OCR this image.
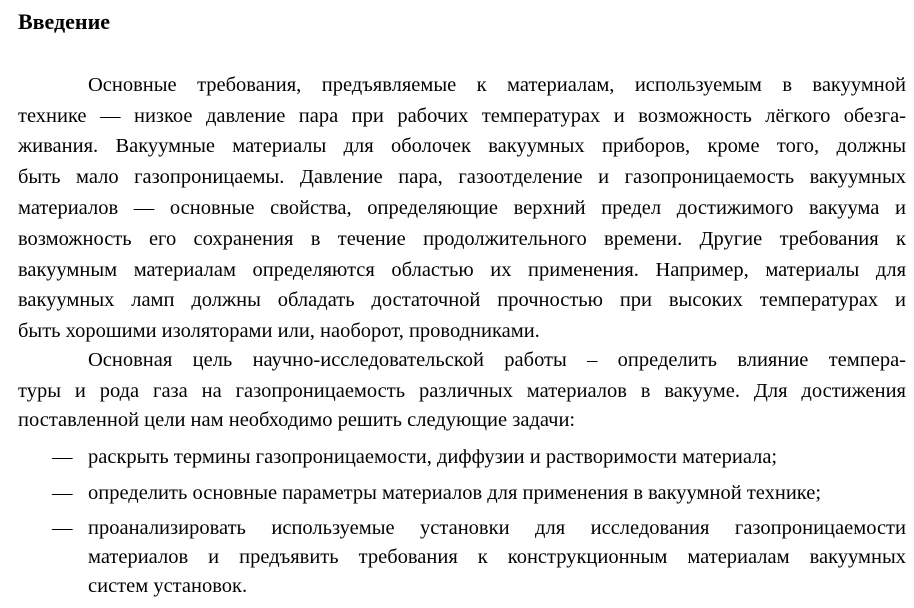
Введение
Основные требования, предъявляемые к материалам, используемым в вакуумной
технике — низкое давление пара при рабочих температурах и возможность лёгкого обезга-
живания. Вакуумные материалы для оболочек вакуумных приборов, кроме того, должны
быть мало газопроницаемы. Давление пара, газоотделение и газопроницаемость вакуумных
материалов — основные свойства, определяющие верхний предел достижимого вакуума и
возможность его сохранения в течение продолжительного времени. Другие требования к
вакуумным материалам определяются областью их применения. Например, материалы для
вакуумных ламп должны обладать достаточной прочностью при высоких температурах и
быть хорошими изоляторами или, наоборот, проводниками.
Основная цель научно-исследовательской работы – определить влияние темпера-
туры и рода газа на газопроницаемость различных материалов в вакууме. Для достижения
поставленной цели нам необходимо решить следующие задачи:
— раскрыть термины газопроницаемости, диффузии и растворимости материала;
— определить основные параметры материалов для применения в вакуумной технике;
— проанализировать используемые установки для исследования газопроницаемости
материалов и предъявить требования к конструкционным материалам вакуумных
систем установок.
